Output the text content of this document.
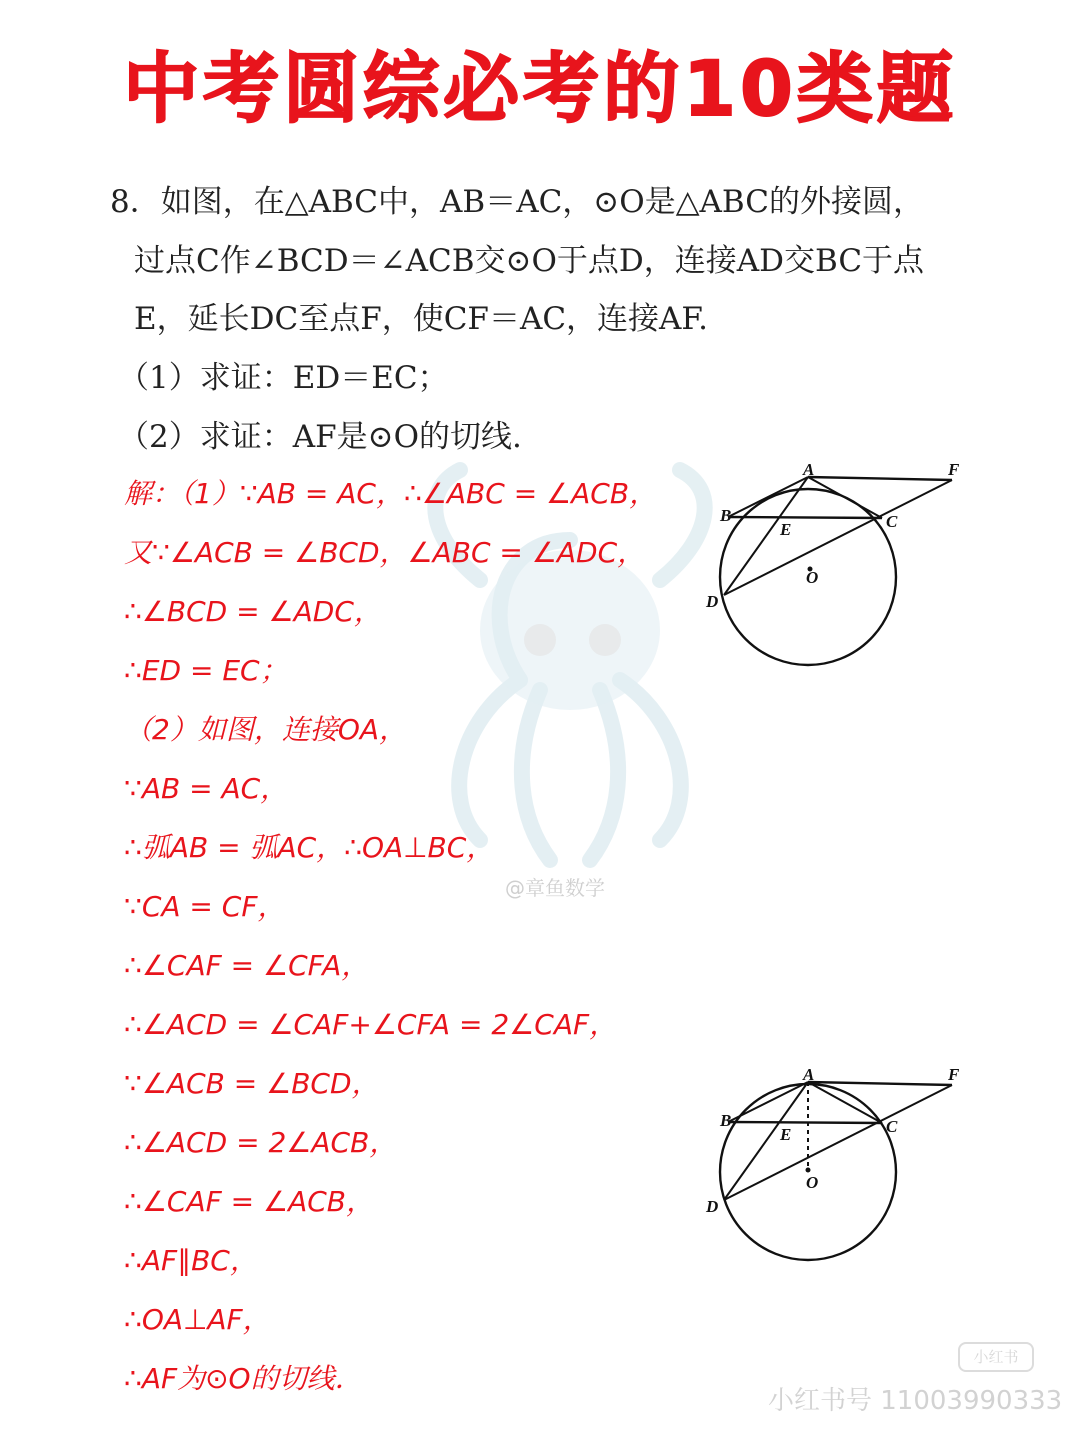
@章鱼数学
中考圆综必考的10类题
8．如图，在△ABC中，AB＝AC，⊙O是△ABC的外接圆，
过点C作∠BCD＝∠ACB交⊙O于点D，连接AD交BC于点
E，延长DC至点F，使CF＝AC，连接AF.
（1）求证：ED＝EC；
（2）求证：AF是⊙O的切线.
解：（1）∵AB = AC，∴∠ABC = ∠ACB，
又∵∠ACB = ∠BCD，∠ABC = ∠ADC，
∴∠BCD = ∠ADC，
∴ED = EC；
（2）如图，连接OA，
∵AB = AC，
∴弧AB = 弧AC，∴OA⊥BC，
∵CA = CF，
∴∠CAF = ∠CFA，
∴∠ACD = ∠CAF+∠CFA = 2∠CAF，
∵∠ACB = ∠BCD，
∴∠ACD = 2∠ACB，
∴∠CAF = ∠ACB，
∴AF∥BC，
∴OA⊥AF，
∴AF为⊙O的切线．
A	F
B	C
E
O
D
A	F
B	C
E
O
D
小红书
小红书号 11003990333
